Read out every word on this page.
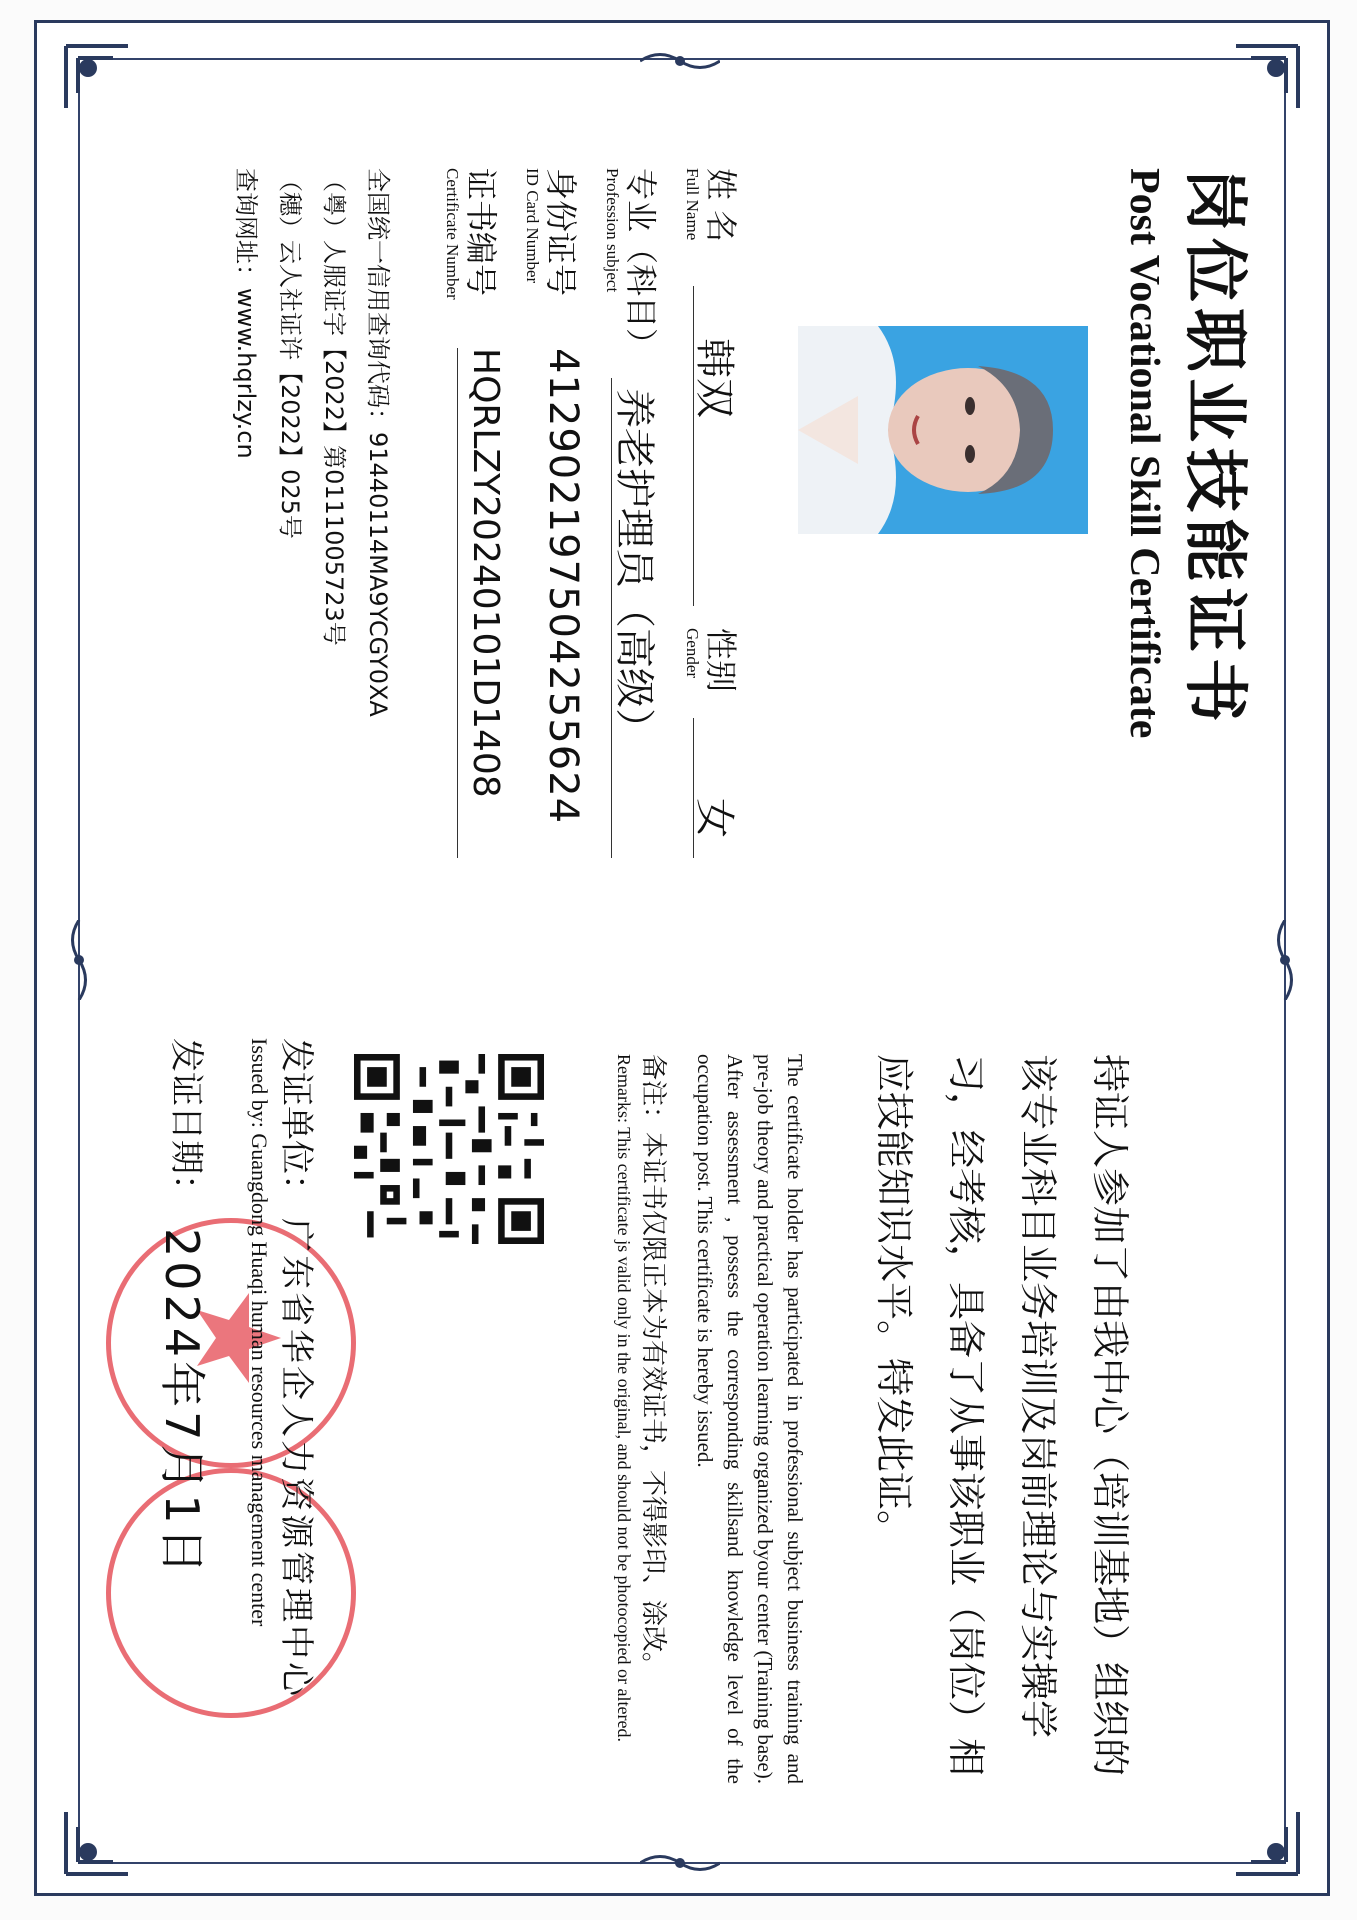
岗位职业技能证书
Post Vocational Skill Certificate
姓 名
Full Name
韩双
性别
Gender
女
专业（科目）
Profession subject
养老护理员（高级）
身份证号
ID Card Number
412902197504255624
证书编号
Certificate Number
HQRLZY20240101D1408
全国统一信用查询代码：91440114MA9YCGY0XA
（粤）人服证字【2022】第0111005723号
（穗）云人社证许【2022】025号
查询网址：www.hqrlzy.cn
持证人参加了由我中心（培训基地）组织的该专业科目业务培训及岗前理论与实操学习，经考核，具备了从事该职业（岗位）相应技能知识水平。特发此证。
The certificate holder has participated in professional subject business training and pre-job theory and practical operation learning organized byour center (Training base). After assessment , possess the corresponding skillsand knowledge level of the occupation post. This certificate is hereby issued.
备注：本证书仅限正本为有效证书，不得影印、涂改。
Remarks: This certificate js valid only in the original, and should not be photocopied or altered.
发证单位：
广东省华企人力资源管理中心
Issued by: Guangdong Huaqi human resources management center
发证日期：
2024年7月1日
